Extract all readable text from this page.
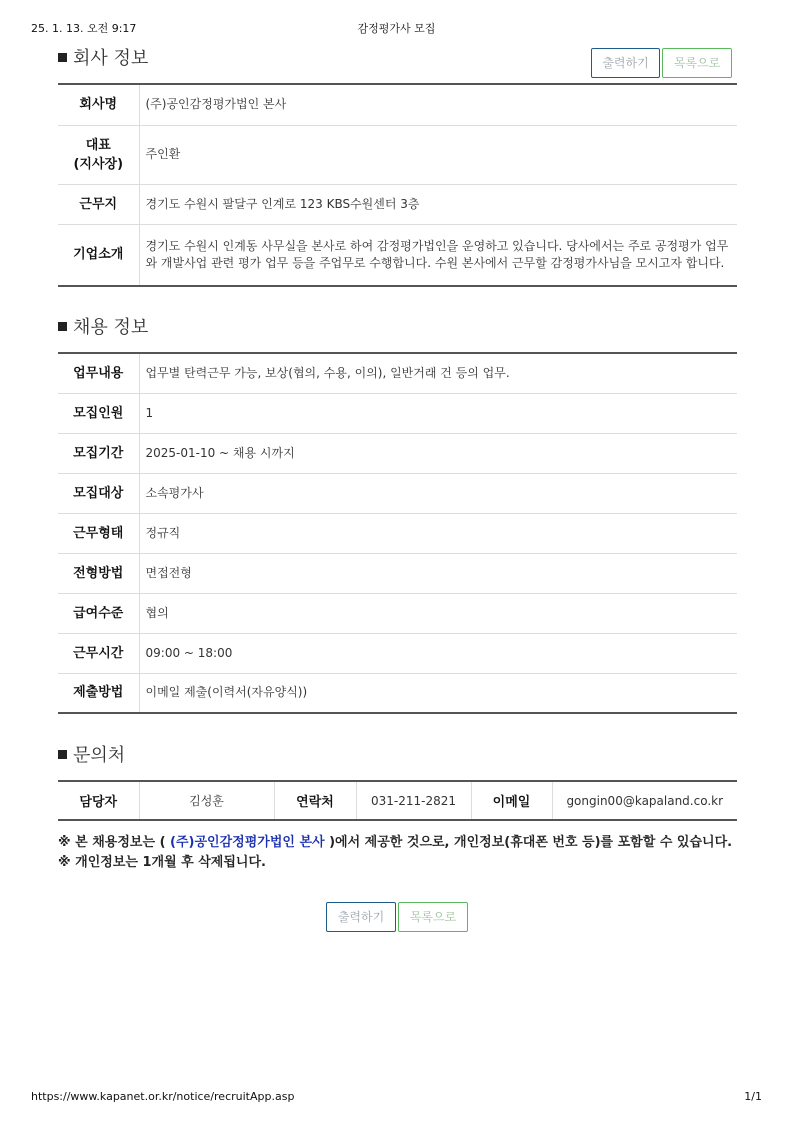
25. 1. 13. 오전 9:17	감정평가사 모집
회사 정보	출력하기 목록으로
회사명	(주)공인감정평가법인 본사
대표
(지사장)	주인환
근무지	경기도 수원시 팔달구 인계로 123 KBS수원센터 3층
기업소개	경기도 수원시 인계동 사무실을 본사로 하여 감정평가법인을 운영하고 있습니다. 당사에서는 주로 공정평가 업무와 개발사업 관련 평가 업무 등을 주업무로 수행합니다. 수원 본사에서 근무할 감정평가사님을 모시고자 합니다.
채용 정보
업무내용	업무별 탄력근무 가능, 보상(협의, 수용, 이의), 일반거래 건 등의 업무.
모집인원	1
모집기간	2025-01-10 ~ 채용 시까지
모집대상	소속평가사
근무형태	정규직
전형방법	면접전형
급여수준	협의
근무시간	09:00 ~ 18:00
제출방법	이메일 제출(이력서(자유양식))
문의처
담당자	김성훈	연락처	031-211-2821	이메일	gongin00@kapaland.co.kr
※ 본 채용정보는 ( (주)공인감정평가법인 본사 )에서 제공한 것으로, 개인정보(휴대폰 번호 등)를 포함할 수 있습니다.
※ 개인정보는 1개월 후 삭제됩니다.
출력하기 목록으로
https://www.kapanet.or.kr/notice/recruitApp.asp	1/1
